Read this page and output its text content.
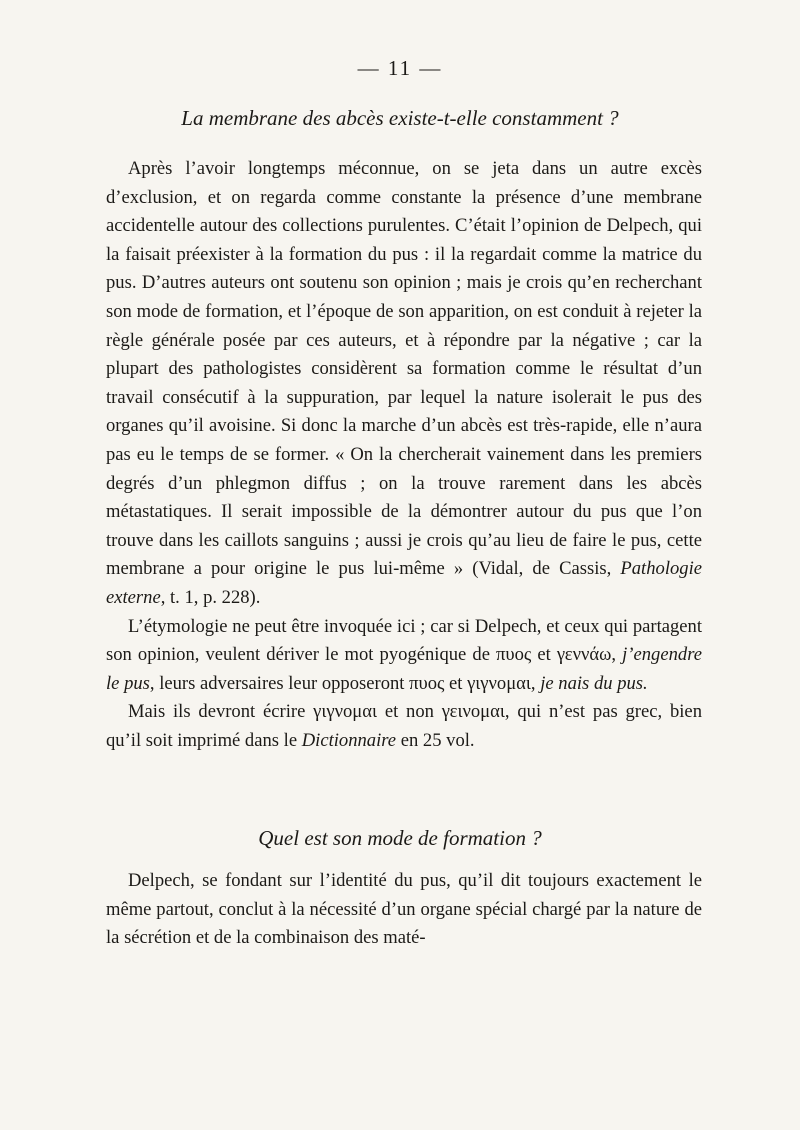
— 11 —
La membrane des abcès existe-t-elle constamment ?

Après l’avoir longtemps méconnue, on se jeta dans un autre excès d’exclusion, et on regarda comme constante la présence d’une membrane accidentelle autour des collections purulentes. C’était l’opinion de Delpech, qui la faisait préexister à la formation du pus : il la regardait comme la matrice du pus. D’autres auteurs ont soutenu son opinion ; mais je crois qu’en recherchant son mode de formation, et l’époque de son apparition, on est conduit à rejeter la règle générale posée par ces auteurs, et à répondre par la négative ; car la plupart des pathologistes considèrent sa formation comme le résultat d’un travail consécutif à la suppuration, par lequel la nature isolerait le pus des organes qu’il avoisine. Si donc la marche d’un abcès est très-rapide, elle n’aura pas eu le temps de se former. « On la chercherait vainement dans les premiers degrés d’un phlegmon diffus ; on la trouve rarement dans les abcès métastatiques. Il serait impossible de la démontrer autour du pus que l’on trouve dans les caillots sanguins ; aussi je crois qu’au lieu de faire le pus, cette membrane a pour origine le pus lui-même » (Vidal, de Cassis, Pathologie externe, t. 1, p. 228).

L’étymologie ne peut être invoquée ici ; car si Delpech, et ceux qui partagent son opinion, veulent dériver le mot pyogénique de πυος et γεννάω, j’engendre le pus, leurs adversaires leur opposeront πυος et γιγνομαι, je nais du pus.

Mais ils devront écrire γιγνομαι et non γεινομαι, qui n’est pas grec, bien qu’il soit imprimé dans le Dictionnaire en 25 vol.

Quel est son mode de formation ?

Delpech, se fondant sur l’identité du pus, qu’il dit toujours exactement le même partout, conclut à la nécessité d’un organe spécial chargé par la nature de la sécrétion et de la combinaison des maté-
